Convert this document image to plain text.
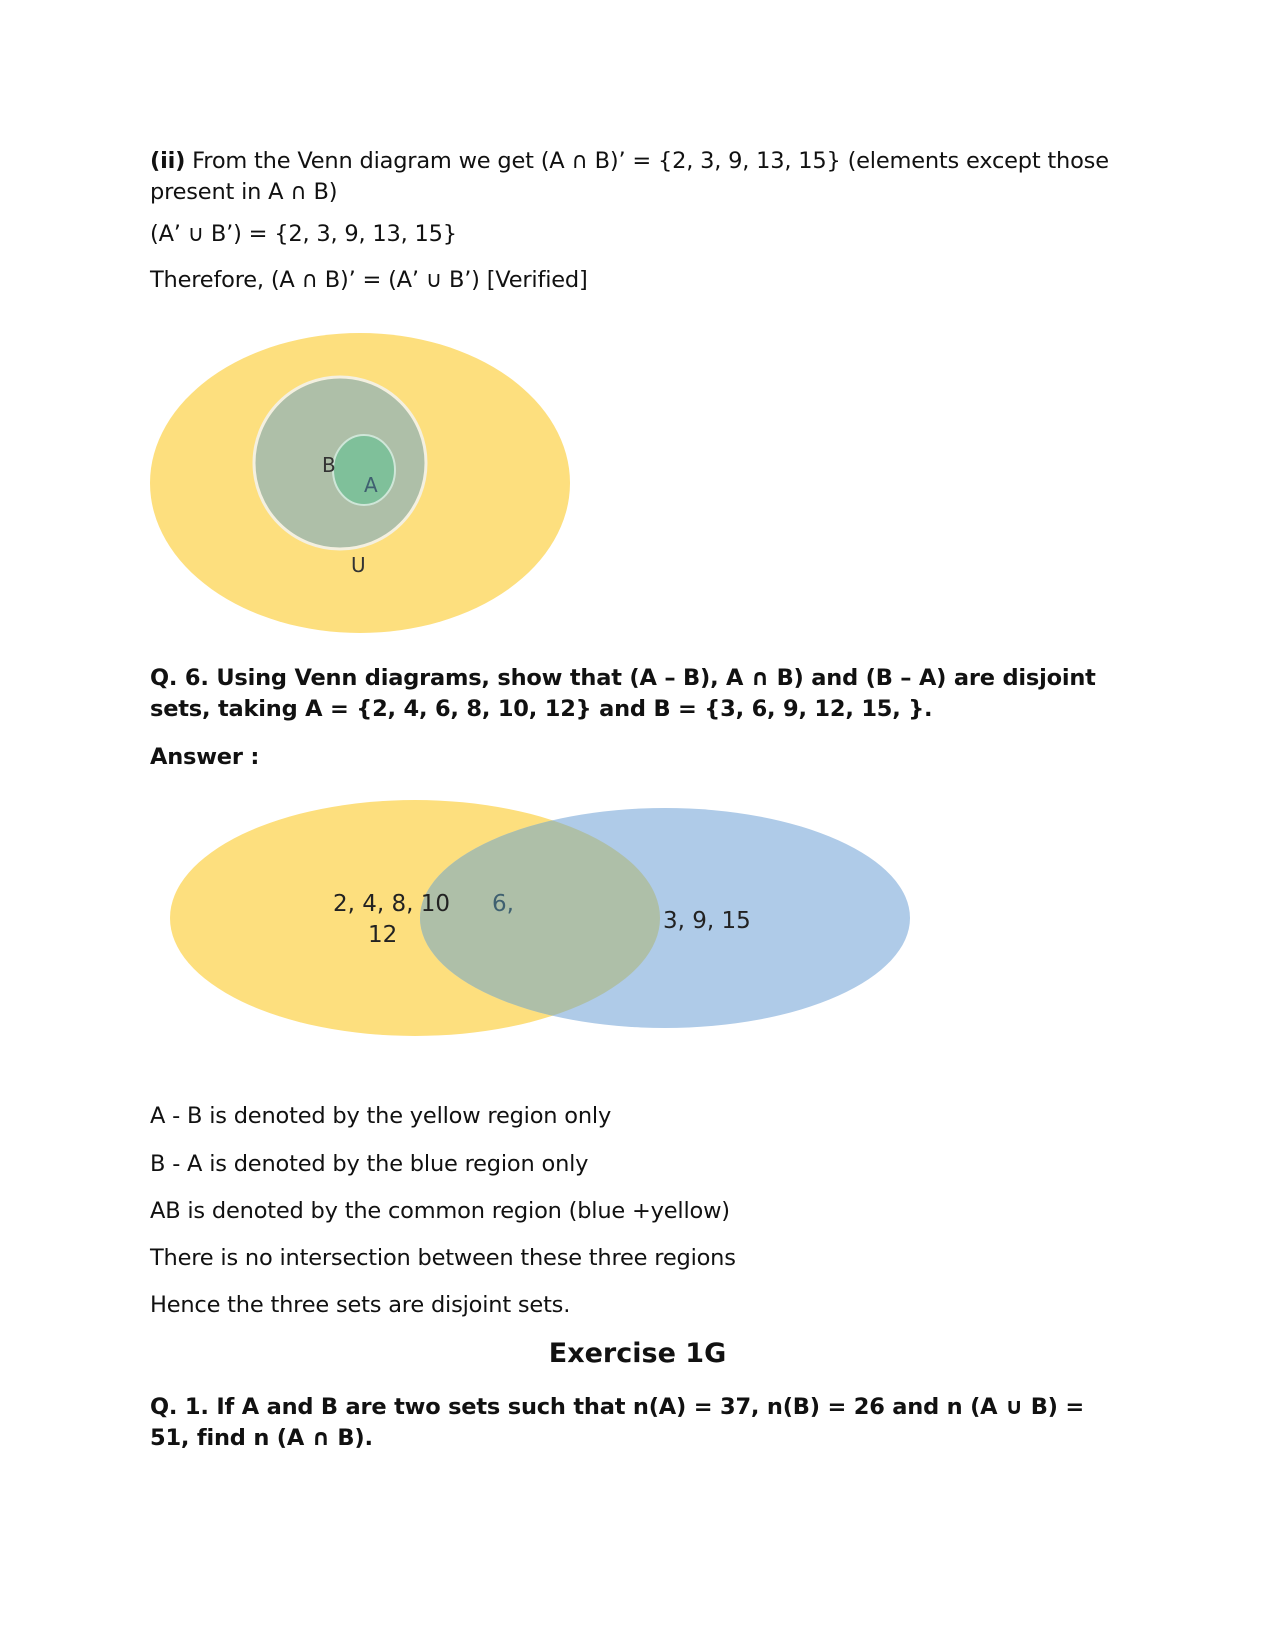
(ii) From the Venn diagram we get (A ∩ B)’ = {2, 3, 9, 13, 15} (elements except those present in A ∩ B)

(A’ ∪ B’) = {2, 3, 9, 13, 15}

Therefore, (A ∩ B)’ = (A’ ∪ B’) [Verified]

B
A
U

Q. 6. Using Venn diagrams, show that (A – B), A ∩ B) and (B – A) are disjoint sets, taking A = {2, 4, 6, 8, 10, 12} and B = {3, 6, 9, 12, 15, }.

Answer :

2, 4, 8, 10
12
6,
3, 9, 15

A - B is denoted by the yellow region only

B - A is denoted by the blue region only

AB is denoted by the common region (blue +yellow)

There is no intersection between these three regions

Hence the three sets are disjoint sets.

Exercise 1G

Q. 1. If A and B are two sets such that n(A) = 37, n(B) = 26 and n (A ∪ B) = 51, find n (A ∩ B).
